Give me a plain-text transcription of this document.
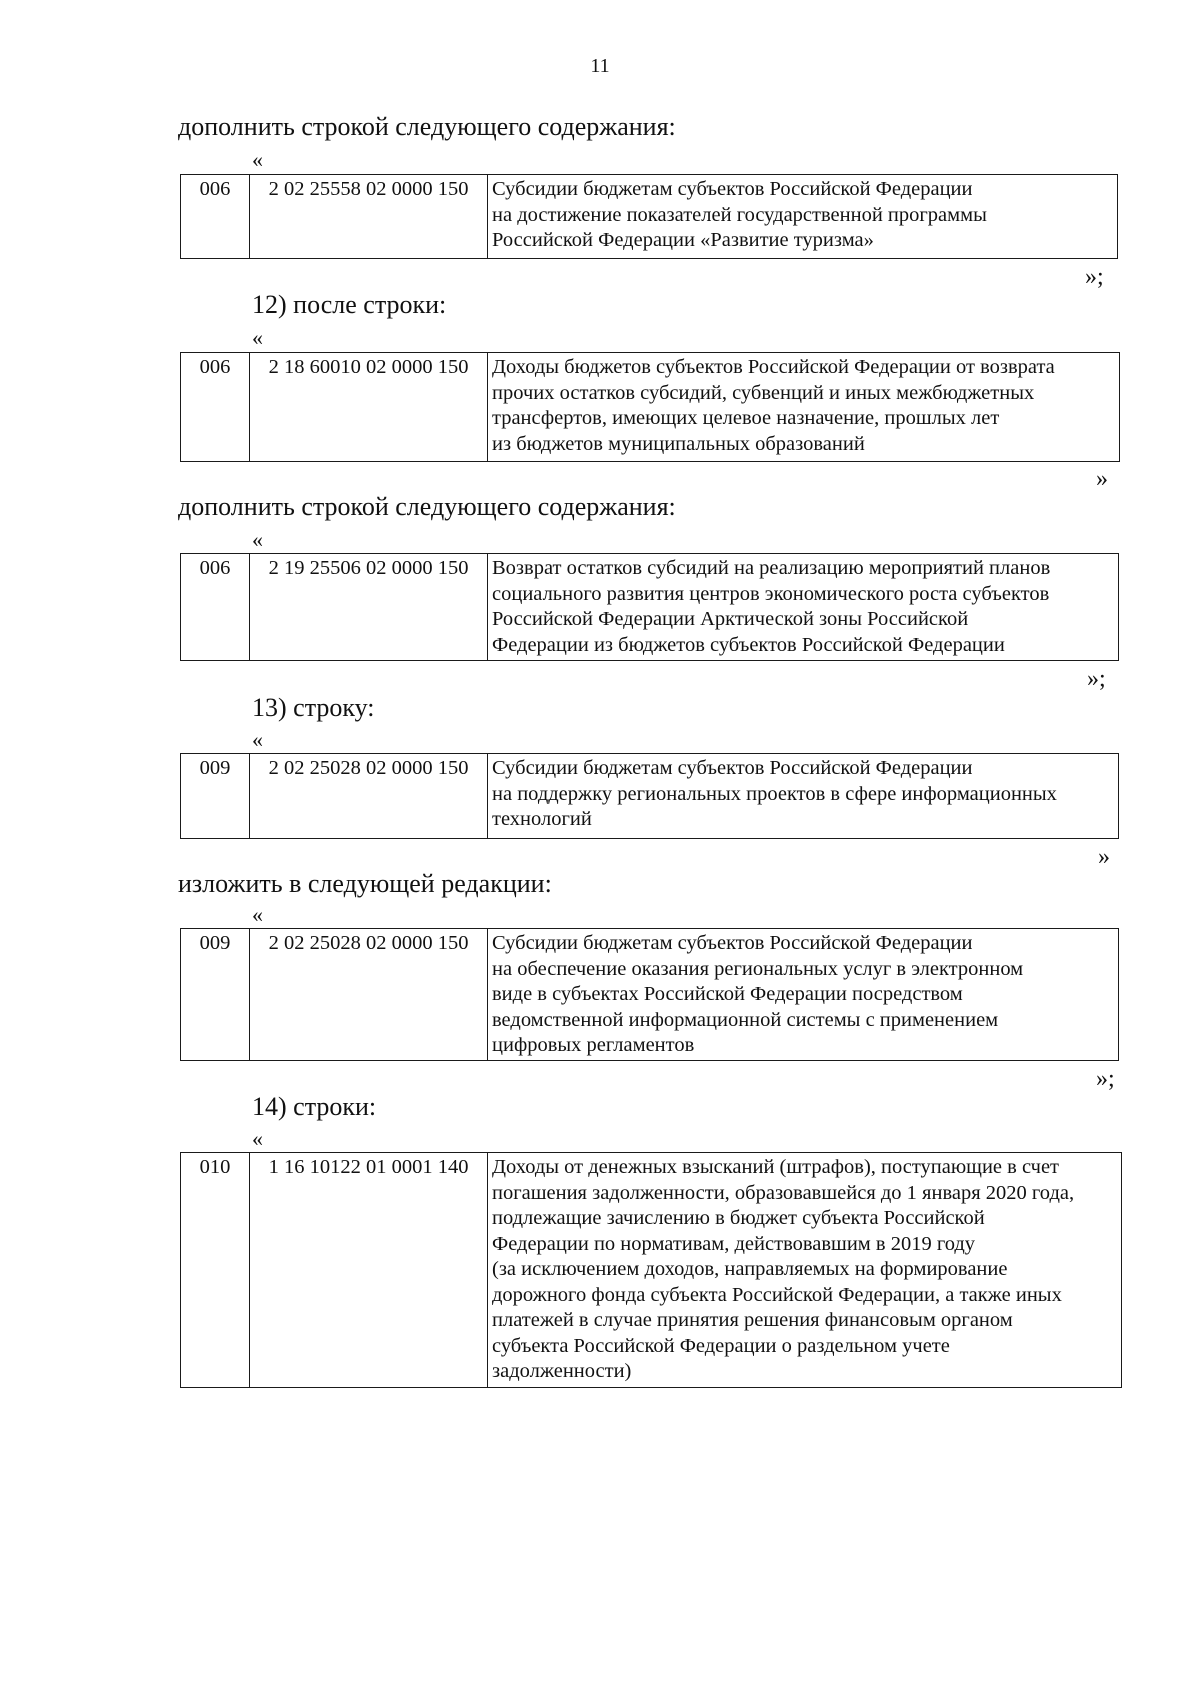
11
дополнить строкой следующего содержания:
«
006	2 02 25558 02 0000 150	Субсидии бюджетам субъектов Российской Федерации
на достижение показателей государственной программы
Российской Федерации «Развитие туризма»
»;
12) после строки:
«
006	2 18 60010 02 0000 150	Доходы бюджетов субъектов Российской Федерации от возврата
прочих остатков субсидий, субвенций и иных межбюджетных
трансфертов, имеющих целевое назначение, прошлых лет
из бюджетов муниципальных образований
»
дополнить строкой следующего содержания:
«
006	2 19 25506 02 0000 150	Возврат остатков субсидий на реализацию мероприятий планов
социального развития центров экономического роста субъектов
Российской Федерации Арктической зоны Российской
Федерации из бюджетов субъектов Российской Федерации
»;
13) строку:
«
009	2 02 25028 02 0000 150	Субсидии бюджетам субъектов Российской Федерации
на поддержку региональных проектов в сфере информационных
технологий
»
изложить в следующей редакции:
«
009	2 02 25028 02 0000 150	Субсидии бюджетам субъектов Российской Федерации
на обеспечение оказания региональных услуг в электронном
виде в субъектах Российской Федерации посредством
ведомственной информационной системы с применением
цифровых регламентов
»;
14) строки:
«
010	1 16 10122 01 0001 140	Доходы от денежных взысканий (штрафов), поступающие в счет
погашения задолженности, образовавшейся до 1 января 2020 года,
подлежащие зачислению в бюджет субъекта Российской
Федерации по нормативам, действовавшим в 2019 году
(за исключением доходов, направляемых на формирование
дорожного фонда субъекта Российской Федерации, а также иных
платежей в случае принятия решения финансовым органом
субъекта Российской Федерации о раздельном учете
задолженности)
